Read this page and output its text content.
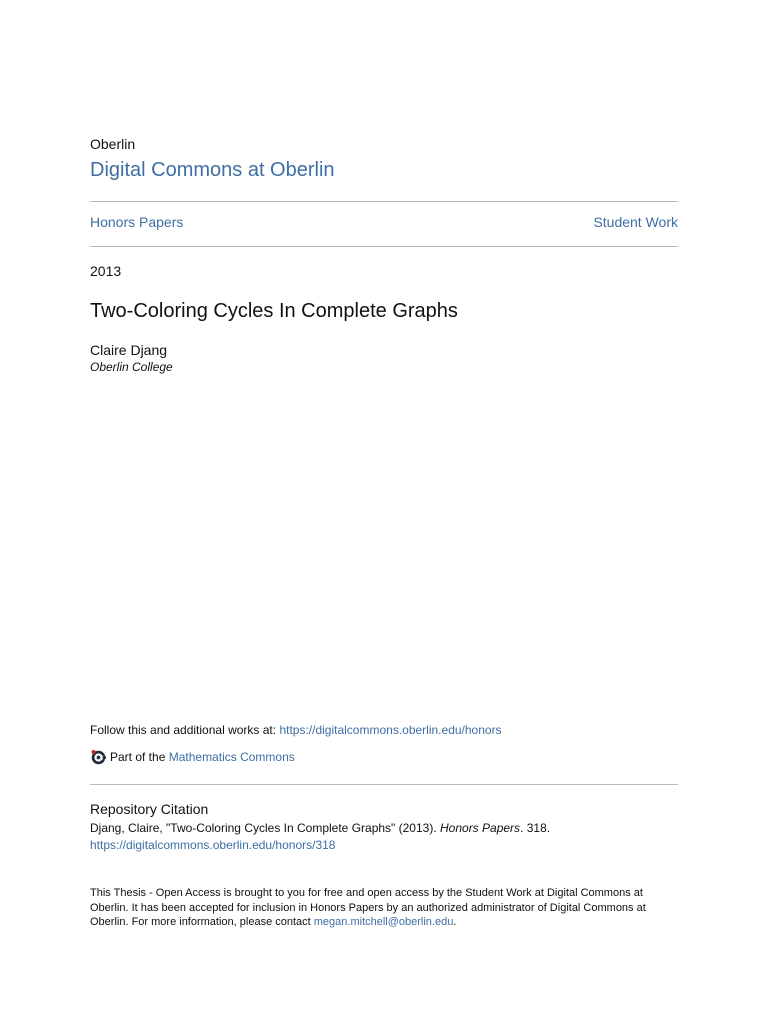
Oberlin
Digital Commons at Oberlin
Honors Papers	Student Work
2013
Two-Coloring Cycles In Complete Graphs
Claire Djang
Oberlin College
Follow this and additional works at: https://digitalcommons.oberlin.edu/honors
Part of the
Mathematics Commons
Repository Citation
Djang, Claire, "Two-Coloring Cycles In Complete Graphs" (2013). Honors Papers. 318.
https://digitalcommons.oberlin.edu/honors/318
This Thesis - Open Access is brought to you for free and open access by the Student Work at Digital Commons at Oberlin. It has been accepted for inclusion in Honors Papers by an authorized administrator of Digital Commons at Oberlin. For more information, please contact megan.mitchell@oberlin.edu.
